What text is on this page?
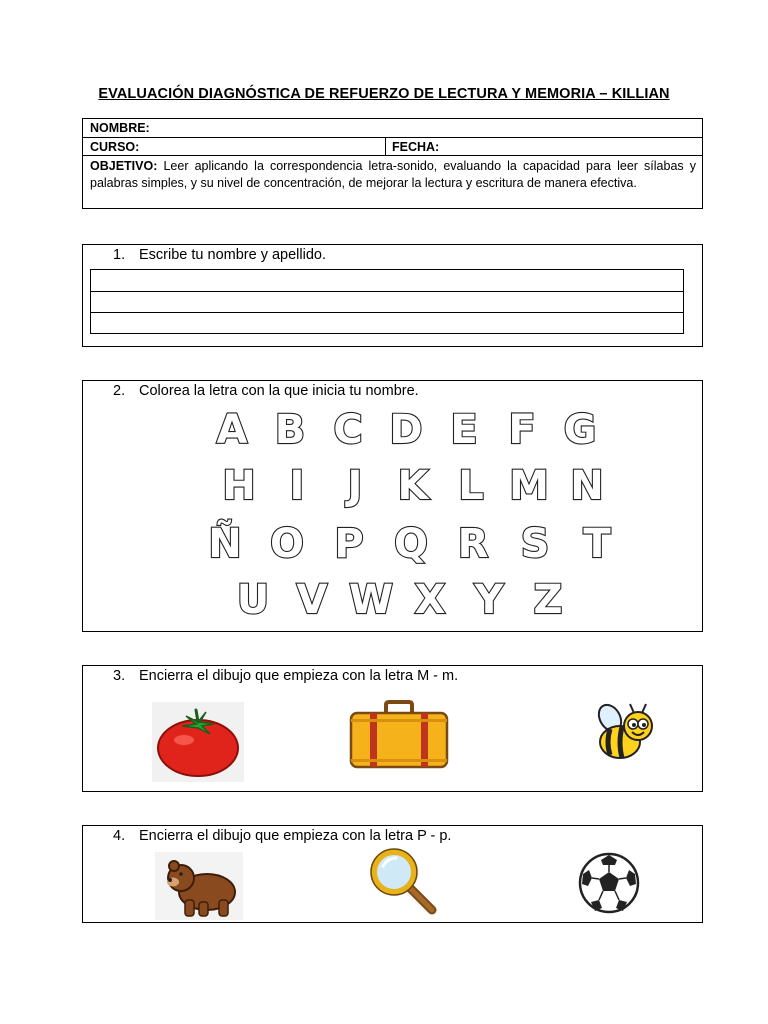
EVALUACIÓN DIAGNÓSTICA DE REFUERZO DE LECTURA Y MEMORIA – KILLIAN
NOMBRE:
CURSO:	FECHA:
OBJETIVO: Leer aplicando la correspondencia letra-sonido, evaluando la capacidad para leer sílabas y palabras simples, y su nivel de concentración, de mejorar la lectura y escritura de manera efectiva.
1. Escribe tu nombre y apellido.
2. Colorea la letra con la que inicia tu nombre.
A B C D E F G
H I J K L M N
Ñ O P Q R S T
U V W X Y Z
3. Encierra el dibujo que empieza con la letra M - m.
4. Encierra el dibujo que empieza con la letra P - p.
